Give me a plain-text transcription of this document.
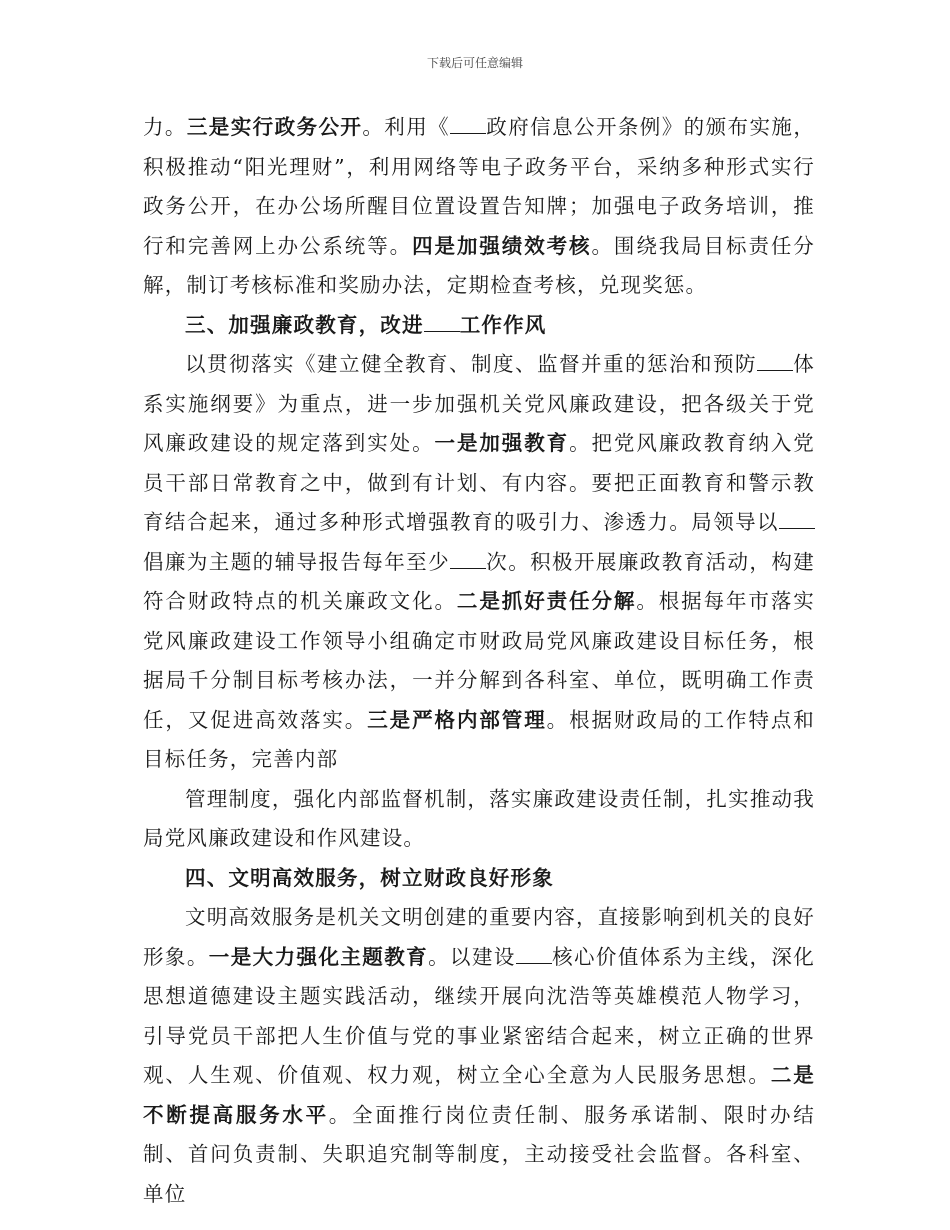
下载后可任意编辑

力。三是实行政务公开。利用《 政府信息公开条例》的颁布实施，积极推动“阳光理财”，利用网络等电子政务平台，采纳多种形式实行政务公开，在办公场所醒目位置设置告知牌；加强电子政务培训，推行和完善网上办公系统等。四是加强绩效考核。围绕我局目标责任分解，制订考核标准和奖励办法，定期检查考核，兑现奖惩。

三、加强廉政教育，改进 工作作风

以贯彻落实《建立健全教育、制度、监督并重的惩治和预防 体系实施纲要》为重点，进一步加强机关党风廉政建设，把各级关于党风廉政建设的规定落到实处。一是加强教育。把党风廉政教育纳入党员干部日常教育之中，做到有计划、有内容。要把正面教育和警示教育结合起来，通过多种形式增强教育的吸引力、渗透力。局领导以倡廉为主题的辅导报告每年至少 次。积极开展廉政教育活动，构建符合财政特点的机关廉政文化。二是抓好责任分解。根据每年市落实党风廉政建设工作领导小组确定市财政局党风廉政建设目标任务，根据局千分制目标考核办法，一并分解到各科室、单位，既明确工作责任，又促进高效落实。三是严格内部管理。根据财政局的工作特点和目标任务，完善内部

管理制度，强化内部监督机制，落实廉政建设责任制，扎实推动我局党风廉政建设和作风建设。

四、文明高效服务，树立财政良好形象

文明高效服务是机关文明创建的重要内容，直接影响到机关的良好形象。一是大力强化主题教育。以建设 核心价值体系为主线，深化思想道德建设主题实践活动，继续开展向沈浩等英雄模范人物学习，引导党员干部把人生价值与党的事业紧密结合起来，树立正确的世界观、人生观、价值观、权力观，树立全心全意为人民服务思想。二是不断提高服务水平。全面推行岗位责任制、服务承诺制、限时办结制、首问负责制、失职追究制等制度，主动接受社会监督。各科室、单位
